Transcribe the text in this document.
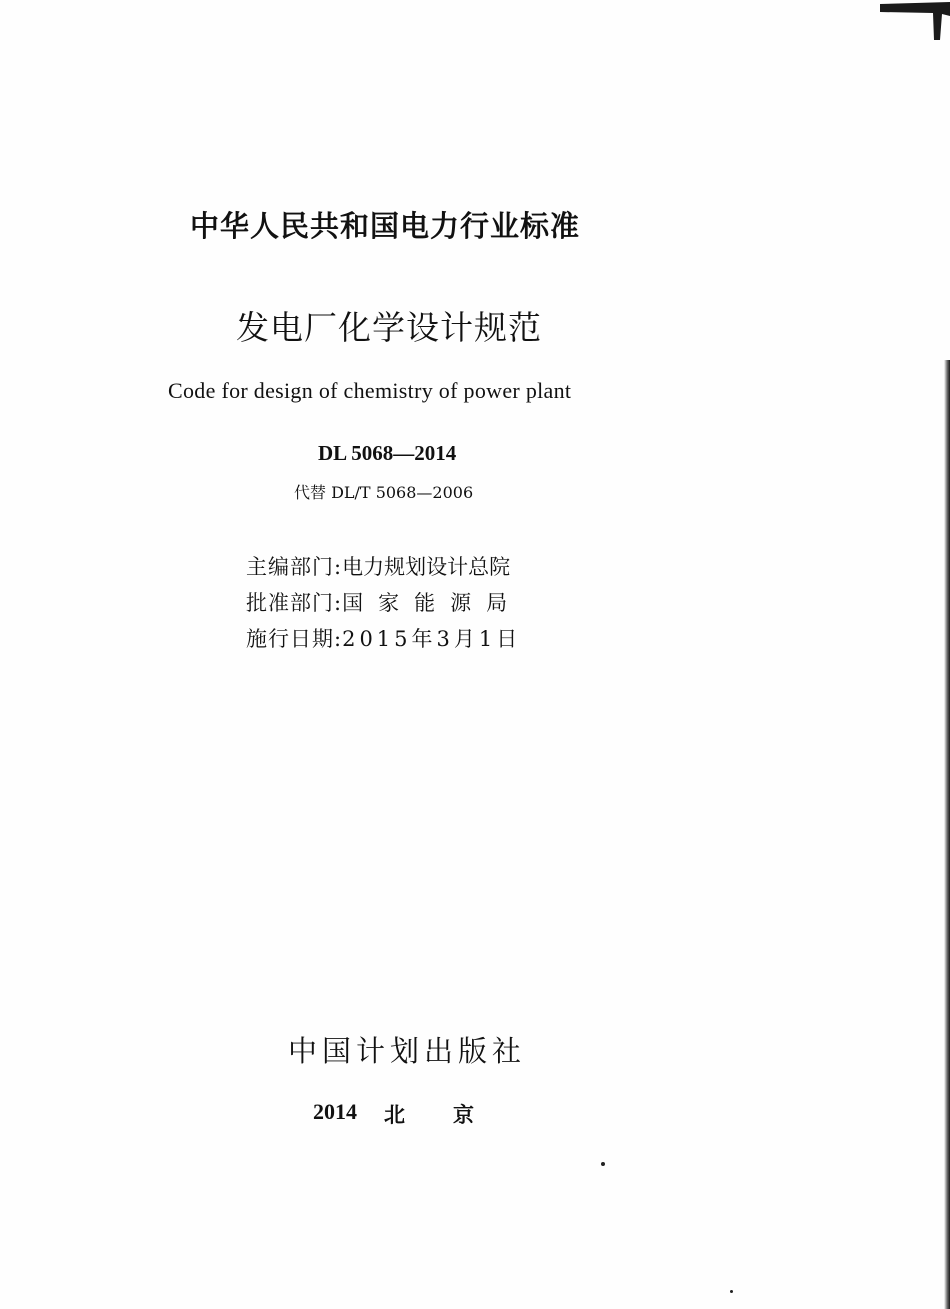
中华人民共和国电力行业标准
发电厂化学设计规范
Code for design of chemistry of power plant
DL 5068—2014
代替 DL/T 5068—2006
主编部门: 电力规划设计总院
批准部门: 国家能源局
施行日期: 2015年3月1日
中国计划出版社
2014 北京
